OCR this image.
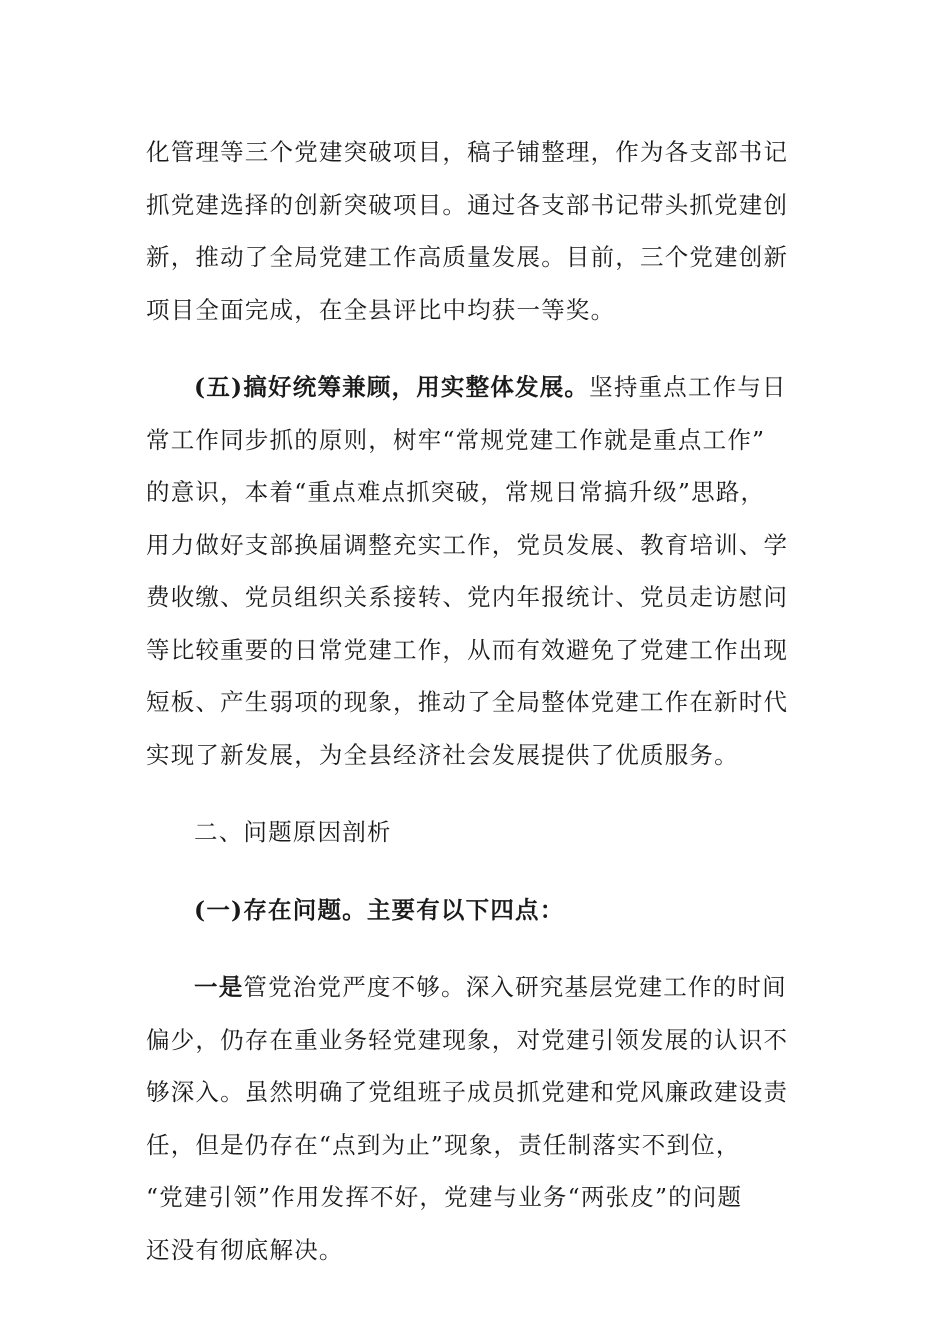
化管理等三个党建突破项目，稿子铺整理，作为各支部书记
抓党建选择的创新突破项目。通过各支部书记带头抓党建创
新，推动了全局党建工作高质量发展。目前，三个党建创新
项目全面完成，在全县评比中均获一等奖。
(五)搞好统筹兼顾，用实整体发展。坚持重点工作与日
常工作同步抓的原则，树牢“常规党建工作就是重点工作”
的意识，本着“重点难点抓突破，常规日常搞升级”思路，
用力做好支部换届调整充实工作，党员发展、教育培训、学
费收缴、党员组织关系接转、党内年报统计、党员走访慰问
等比较重要的日常党建工作，从而有效避免了党建工作出现
短板、产生弱项的现象，推动了全局整体党建工作在新时代
实现了新发展，为全县经济社会发展提供了优质服务。
二、问题原因剖析
(一)存在问题。主要有以下四点：
一是管党治党严度不够。深入研究基层党建工作的时间
偏少，仍存在重业务轻党建现象，对党建引领发展的认识不
够深入。虽然明确了党组班子成员抓党建和党风廉政建设责
任，但是仍存在“点到为止”现象，责任制落实不到位，
“党建引领”作用发挥不好，党建与业务“两张皮”的问题
还没有彻底解决。
